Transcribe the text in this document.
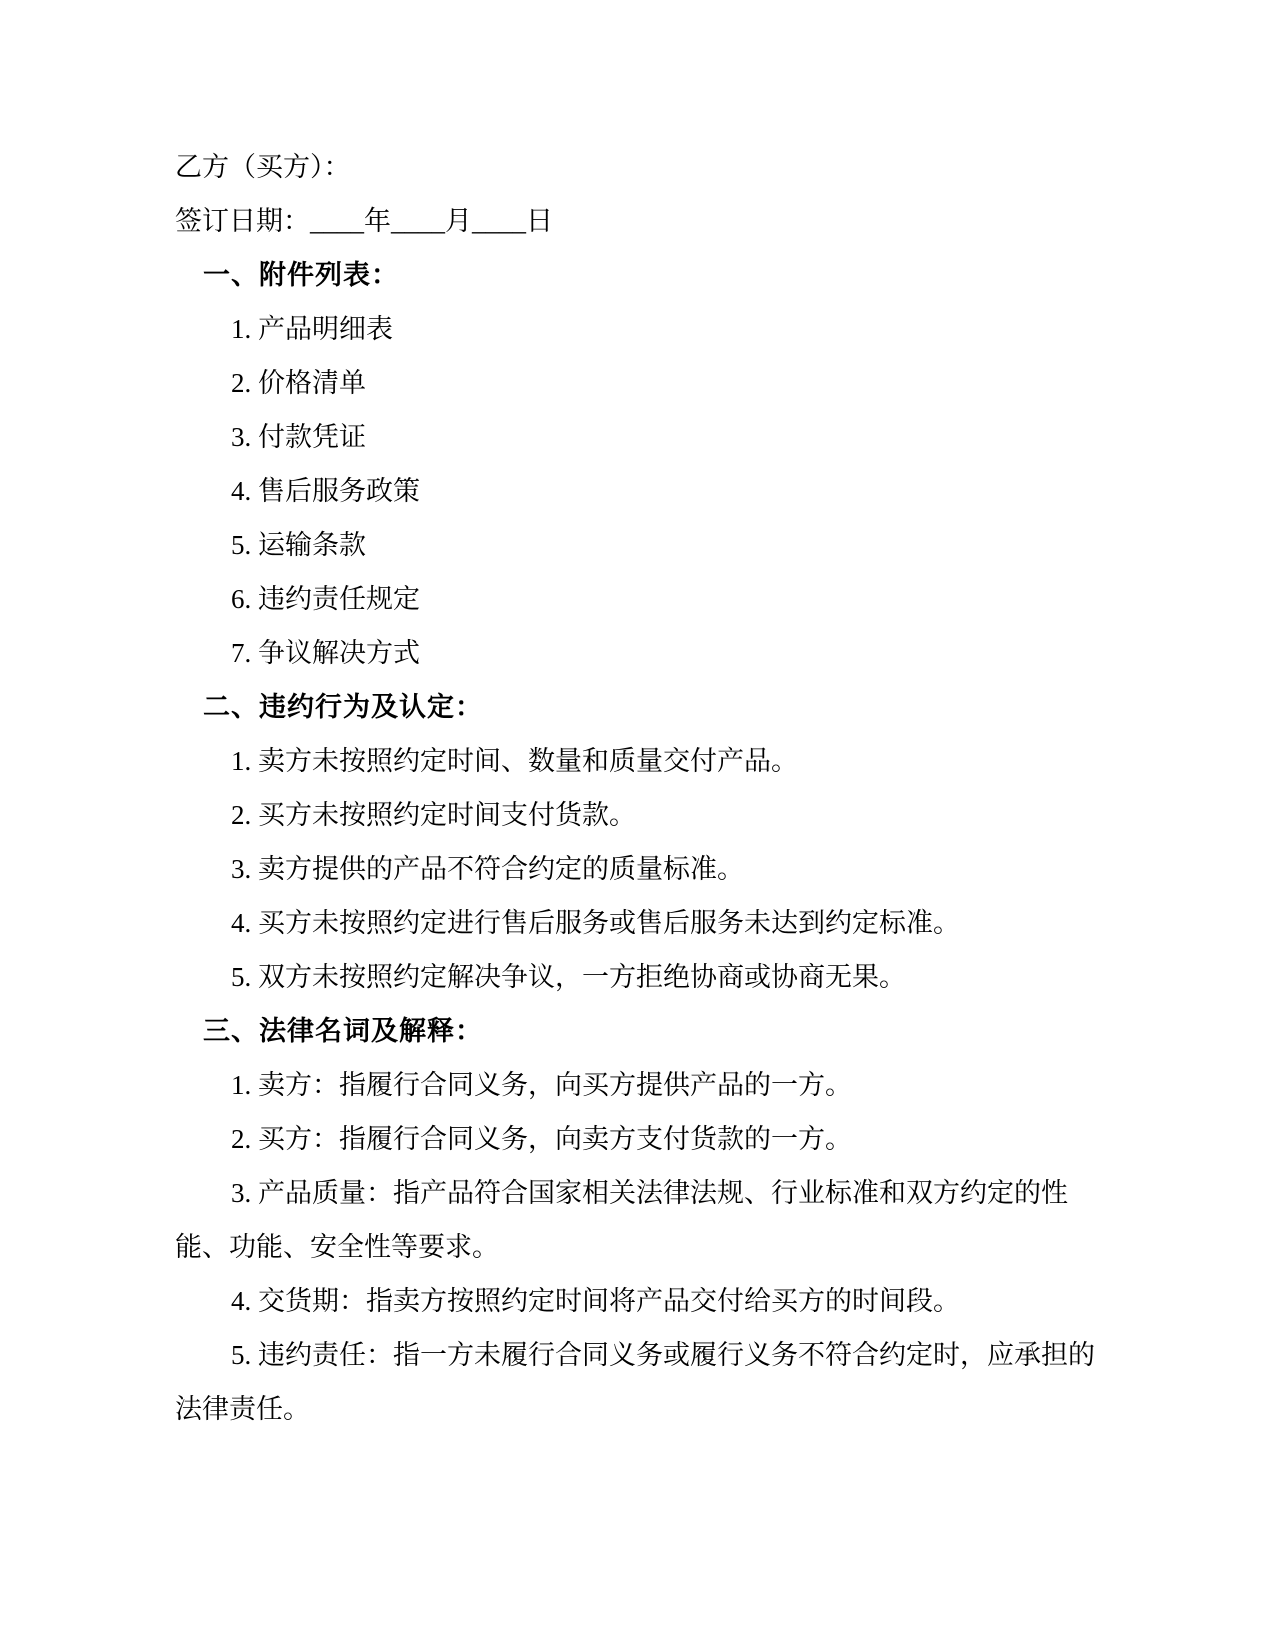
乙方（买方）：
签订日期：____年____月____日
一、附件列表：
1. 产品明细表
2. 价格清单
3. 付款凭证
4. 售后服务政策
5. 运输条款
6. 违约责任规定
7. 争议解决方式
二、违约行为及认定：
1. 卖方未按照约定时间、数量和质量交付产品。
2. 买方未按照约定时间支付货款。
3. 卖方提供的产品不符合约定的质量标准。
4. 买方未按照约定进行售后服务或售后服务未达到约定标准。
5. 双方未按照约定解决争议，一方拒绝协商或协商无果。
三、法律名词及解释：
1. 卖方：指履行合同义务，向买方提供产品的一方。
2. 买方：指履行合同义务，向卖方支付货款的一方。
3. 产品质量：指产品符合国家相关法律法规、行业标准和双方约定的性能、功能、安全性等要求。
4. 交货期：指卖方按照约定时间将产品交付给买方的时间段。
5. 违约责任：指一方未履行合同义务或履行义务不符合约定时，应承担的法律责任。
